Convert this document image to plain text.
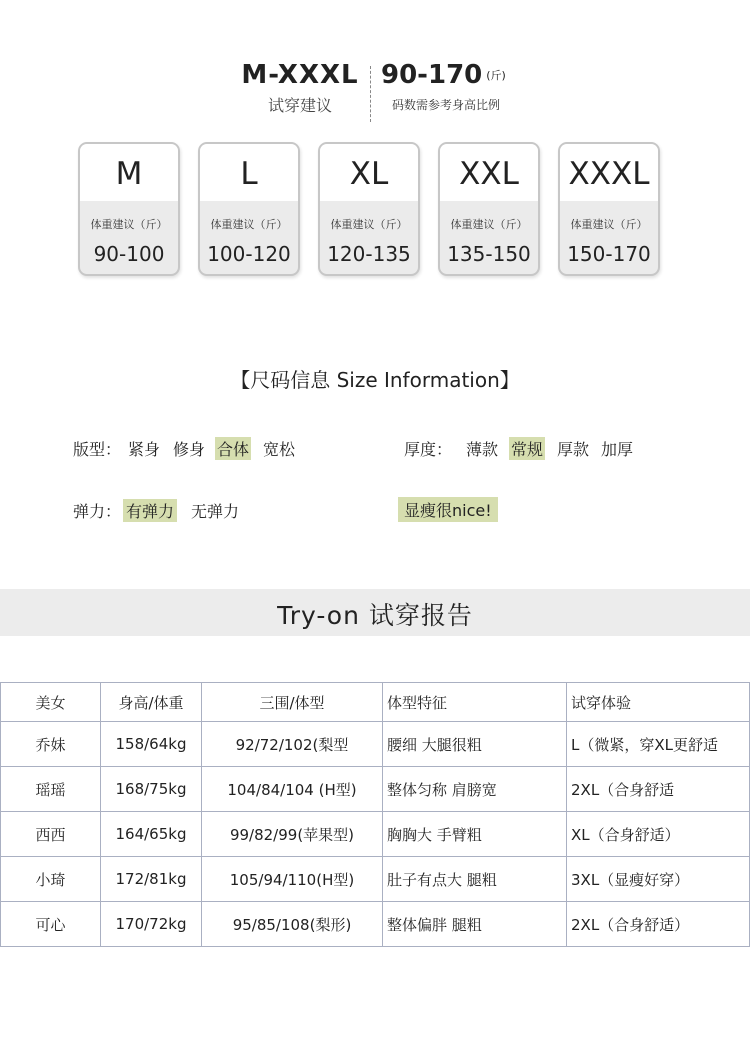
M-XXXL
试穿建议
90-170 (斤)
码数需参考身高比例
M
体重建议（斤）
90-100
L
体重建议（斤）
100-120
XL
体重建议（斤）
120-135
XXL
体重建议（斤）
135-150
XXXL
体重建议（斤）
150-170
【尺码信息 Size Information】
版型： 紧身 修身 合体 宽松	厚度： 薄款 常规 厚款 加厚
弹力： 有弹力 无弹力	显瘦很nice!
Try-on 试穿报告
美女	身高/体重	三围/体型	体型特征	试穿体验
乔妹	158/64kg	92/72/102(梨型	腰细 大腿很粗	L（微紧，穿XL更舒适
瑶瑶	168/75kg	104/84/104 (H型)	整体匀称 肩膀宽	2XL（合身舒适
西西	164/65kg	99/82/99(苹果型)	胸胸大 手臂粗	XL（合身舒适）
小琦	172/81kg	105/94/110(H型)	肚子有点大 腿粗	3XL（显瘦好穿）
可心	170/72kg	95/85/108(梨形)	整体偏胖 腿粗	2XL（合身舒适）
